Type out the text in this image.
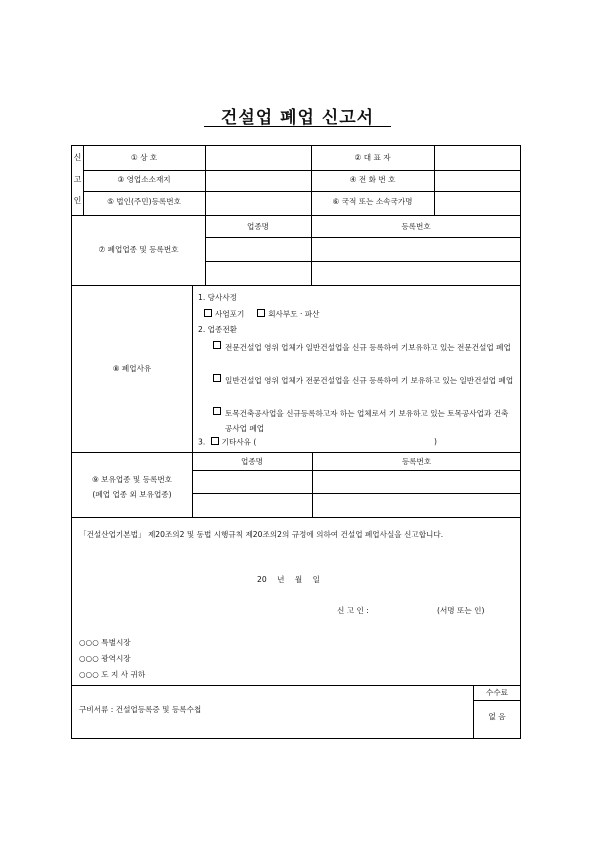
건설업 폐업 신고서
신
고
인
① 상 호	② 대 표 자
③ 영업소소재지	④ 전 화 번 호
⑤ 법인(주민)등록번호	⑥ 국적 또는 소속국가명
⑦ 폐업업종 및 등록번호
업종명	등록번호
⑧ 폐업사유
1. 당사사정
사업포기	회사부도 · 파산
2. 업종전환
전문건설업 영위 업체가 일반건설업을 신규 등록하여 기보유하고 있는 전문건설업 폐업
일반건설업 영위 업체가 전문건설업을 신규 등록하여 기 보유하고 있는 일반건설업 폐업
토목건축공사업을 신규등록하고자 하는 업체로서 기 보유하고 있는 토목공사업과 건축공사업 폐업
3. 기타사유 (	)
⑨ 보유업종 및 등록번호
(폐업 업종 외 보유업종)
업종명	등록번호
「건설산업기본법」 제20조의2 및 동법 시행규칙 제20조의2의 규정에 의하여 건설업 폐업사실을 신고합니다.
20 년 월 일
신 고 인 :	(서명 또는 인)
○○○ 특별시장
○○○ 광역시장
○○○ 도 지 사 귀하
구비서류 : 건설업등록증 및 등록수첩
수수료
없 음
